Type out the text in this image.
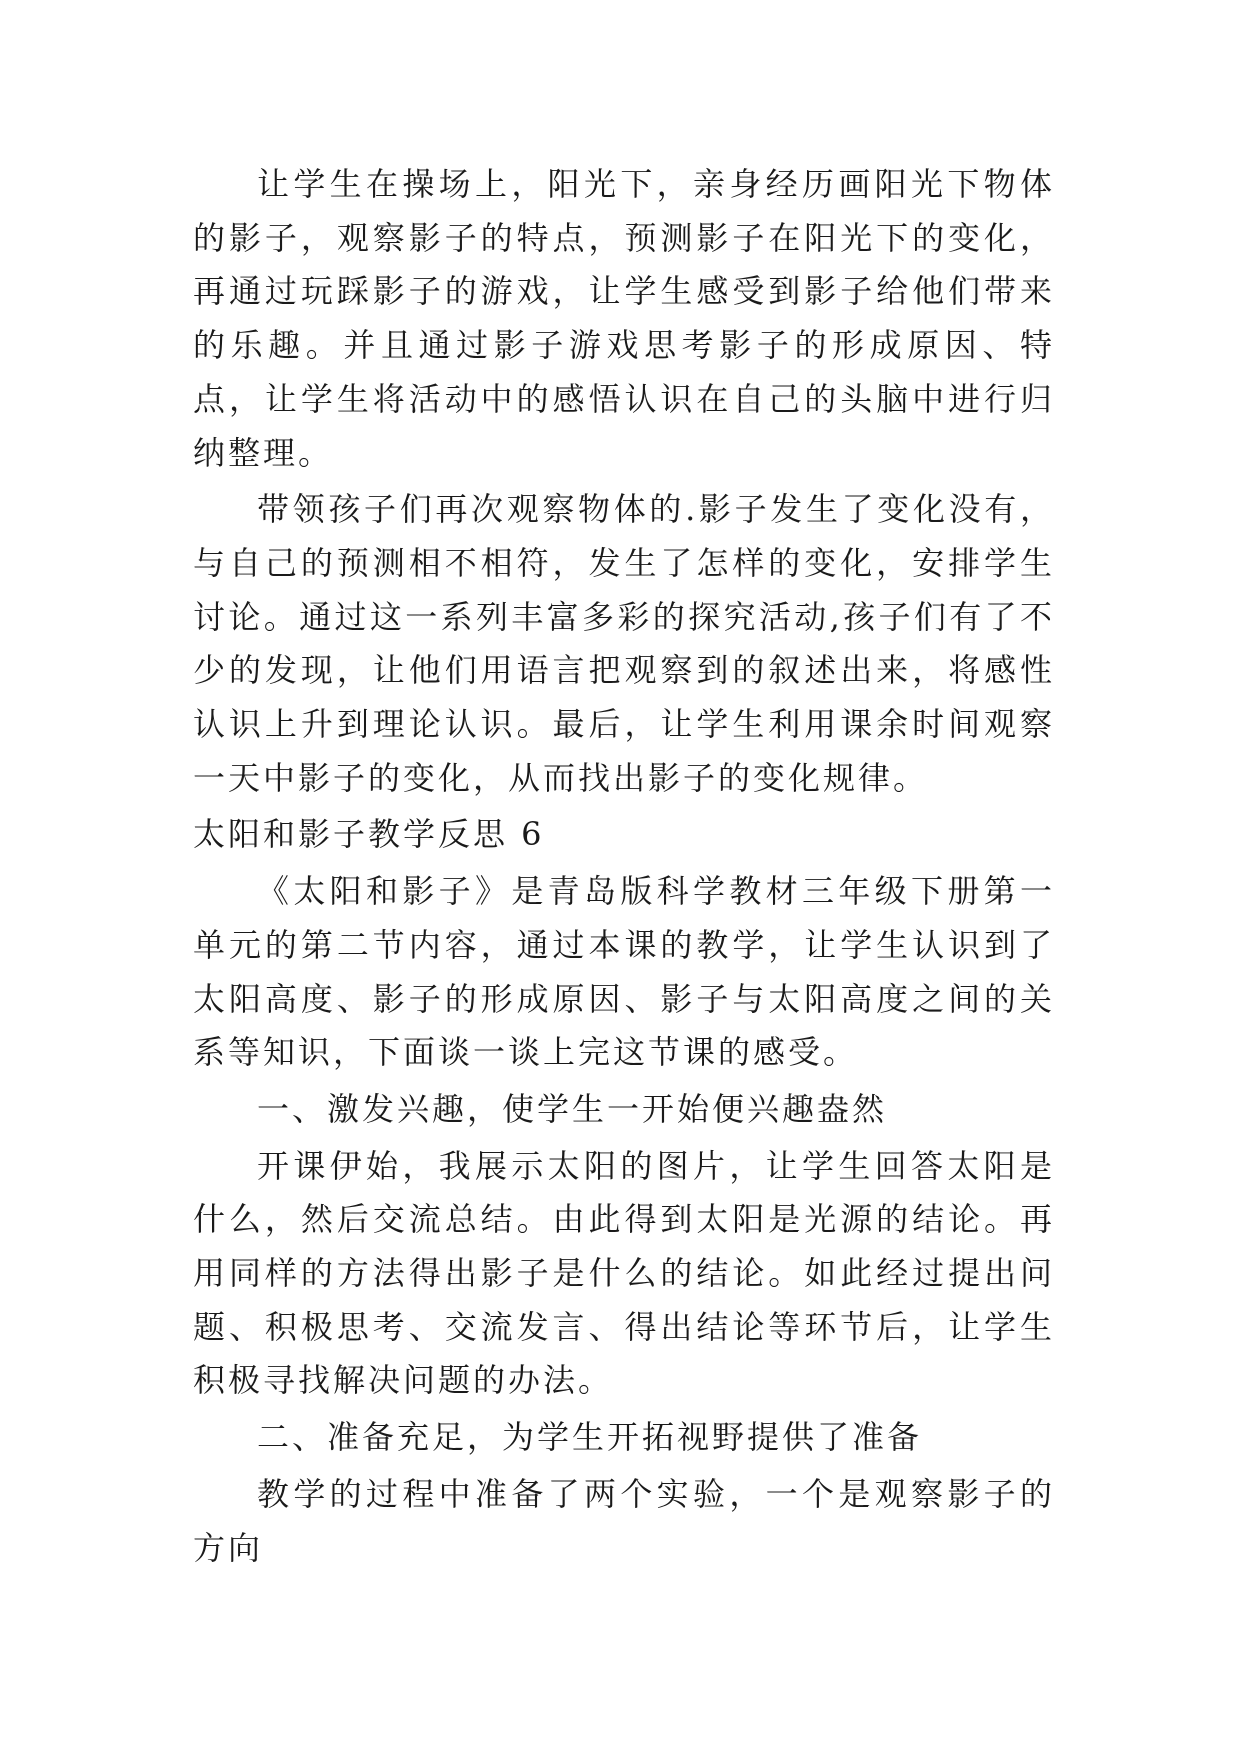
让学生在操场上，阳光下，亲身经历画阳光下物体的影子，观察影子的特点，预测影子在阳光下的变化，再通过玩踩影子的游戏，让学生感受到影子给他们带来的乐趣。并且通过影子游戏思考影子的形成原因、特点，让学生将活动中的感悟认识在自己的头脑中进行归纳整理。

带领孩子们再次观察物体的.影子发生了变化没有，与自己的预测相不相符，发生了怎样的变化，安排学生讨论。通过这一系列丰富多彩的探究活动,孩子们有了不少的发现，让他们用语言把观察到的叙述出来，将感性认识上升到理论认识。最后，让学生利用课余时间观察一天中影子的变化，从而找出影子的变化规律。

太阳和影子教学反思 6

《太阳和影子》是青岛版科学教材三年级下册第一单元的第二节内容，通过本课的教学，让学生认识到了太阳高度、影子的形成原因、影子与太阳高度之间的关系等知识，下面谈一谈上完这节课的感受。

一、激发兴趣，使学生一开始便兴趣盎然

开课伊始，我展示太阳的图片，让学生回答太阳是什么，然后交流总结。由此得到太阳是光源的结论。再用同样的方法得出影子是什么的结论。如此经过提出问题、积极思考、交流发言、得出结论等环节后，让学生积极寻找解决问题的办法。

二、准备充足，为学生开拓视野提供了准备

教学的过程中准备了两个实验，一个是观察影子的方向
